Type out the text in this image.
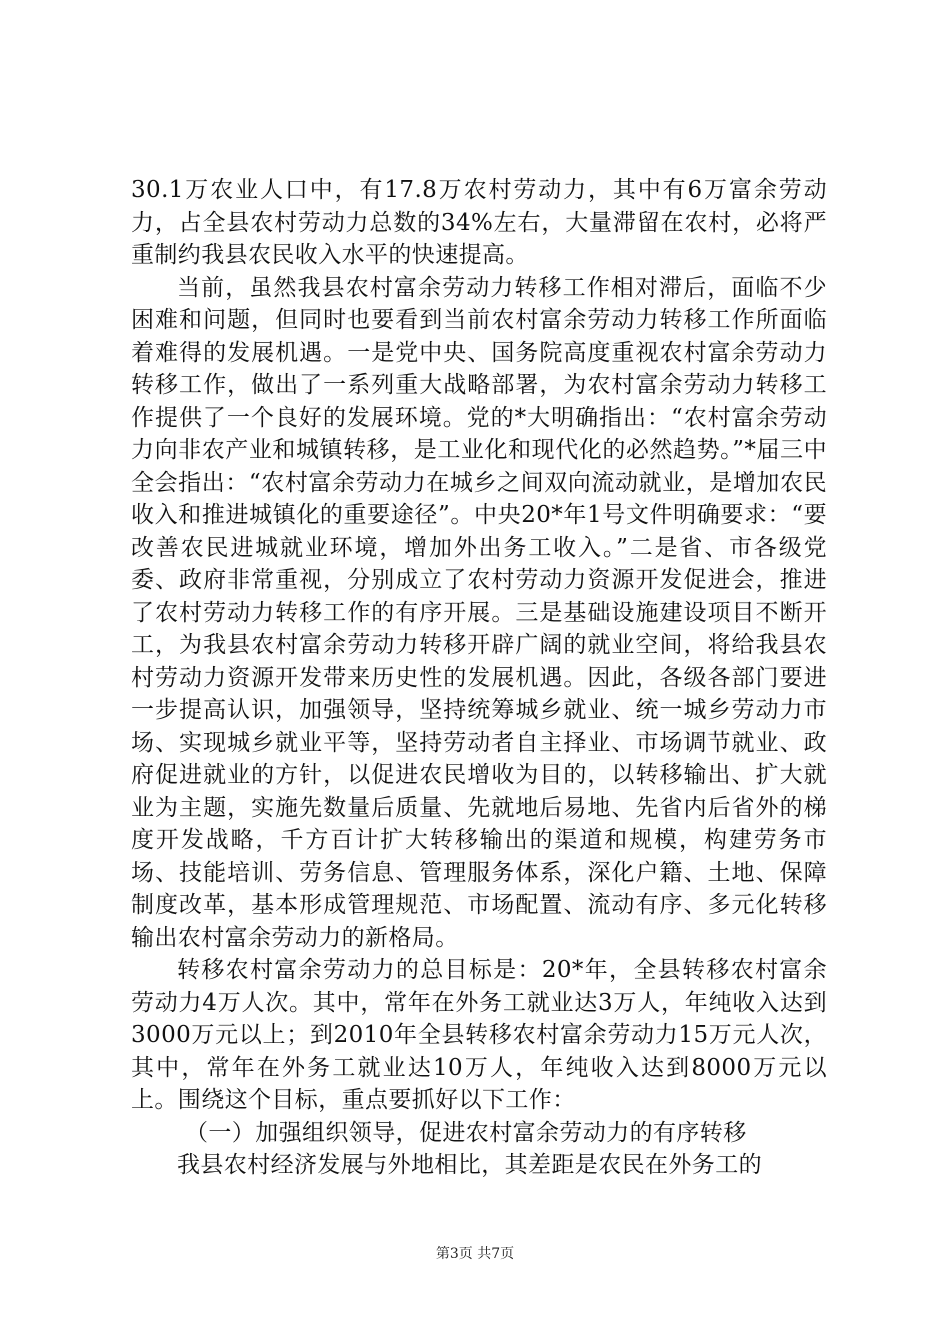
30.1万农业人口中，有17.8万农村劳动力，其中有6万富余劳动力，占全县农村劳动力总数的34%左右，大量滞留在农村，必将严重制约我县农民收入水平的快速提高。

当前，虽然我县农村富余劳动力转移工作相对滞后，面临不少困难和问题，但同时也要看到当前农村富余劳动力转移工作所面临着难得的发展机遇。一是党中央、国务院高度重视农村富余劳动力转移工作，做出了一系列重大战略部署，为农村富余劳动力转移工作提供了一个良好的发展环境。党的*大明确指出：“农村富余劳动力向非农产业和城镇转移，是工业化和现代化的必然趋势。”*届三中全会指出：“农村富余劳动力在城乡之间双向流动就业，是增加农民收入和推进城镇化的重要途径”。中央20*年1号文件明确要求：“要改善农民进城就业环境，增加外出务工收入。”二是省、市各级党委、政府非常重视，分别成立了农村劳动力资源开发促进会，推进了农村劳动力转移工作的有序开展。三是基础设施建设项目不断开工，为我县农村富余劳动力转移开辟广阔的就业空间，将给我县农村劳动力资源开发带来历史性的发展机遇。因此，各级各部门要进一步提高认识，加强领导，坚持统筹城乡就业、统一城乡劳动力市场、实现城乡就业平等，坚持劳动者自主择业、市场调节就业、政府促进就业的方针，以促进农民增收为目的，以转移输出、扩大就业为主题，实施先数量后质量、先就地后易地、先省内后省外的梯度开发战略，千方百计扩大转移输出的渠道和规模，构建劳务市场、技能培训、劳务信息、管理服务体系，深化户籍、土地、保障制度改革，基本形成管理规范、市场配置、流动有序、多元化转移输出农村富余劳动力的新格局。

转移农村富余劳动力的总目标是：20*年，全县转移农村富余劳动力4万人次。其中，常年在外务工就业达3万人，年纯收入达到3000万元以上；到2010年全县转移农村富余劳动力15万元人次，其中，常年在外务工就业达10万人，年纯收入达到8000万元以上。围绕这个目标，重点要抓好以下工作：

（一）加强组织领导，促进农村富余劳动力的有序转移

我县农村经济发展与外地相比，其差距是农民在外务工的

第3页 共7页
